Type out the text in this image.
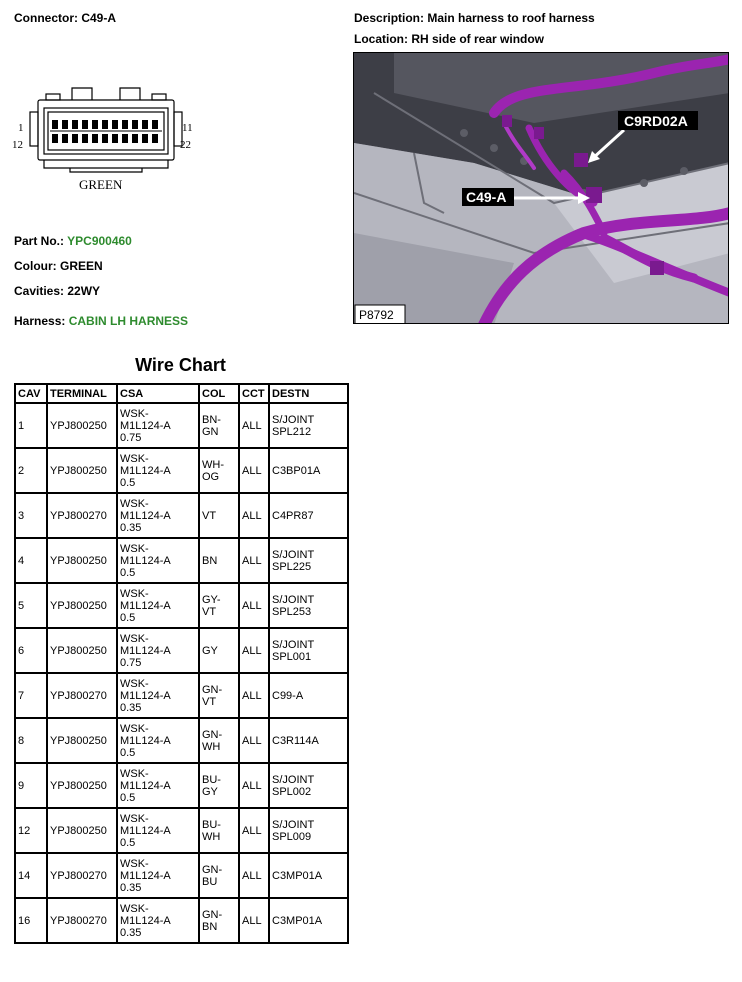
Connector: C49-A	Description: Main harness to roof harness
Location: RH side of rear window
1
12
11
22
GREEN
Part No.: YPC900460
Colour: GREEN
Cavities: 22WY
Harness: CABIN LH HARNESS
C9RD02A
C49-A
P8792
Wire Chart
CAV	TERMINAL	CSA	COL	CCT	DESTN
1	YPJ800250	WSK-
M1L124-A
0.75	BN-
GN	ALL	S/JOINT
SPL212
2	YPJ800250	WSK-
M1L124-A
0.5	WH-
OG	ALL	C3BP01A
3	YPJ800270	WSK-
M1L124-A
0.35	VT	ALL	C4PR87
4	YPJ800250	WSK-
M1L124-A
0.5	BN	ALL	S/JOINT
SPL225
5	YPJ800250	WSK-
M1L124-A
0.5	GY-
VT	ALL	S/JOINT
SPL253
6	YPJ800250	WSK-
M1L124-A
0.75	GY	ALL	S/JOINT
SPL001
7	YPJ800270	WSK-
M1L124-A
0.35	GN-
VT	ALL	C99-A
8	YPJ800250	WSK-
M1L124-A
0.5	GN-
WH	ALL	C3R114A
9	YPJ800250	WSK-
M1L124-A
0.5	BU-
GY	ALL	S/JOINT
SPL002
12	YPJ800250	WSK-
M1L124-A
0.5	BU-
WH	ALL	S/JOINT
SPL009
14	YPJ800270	WSK-
M1L124-A
0.35	GN-
BU	ALL	C3MP01A
16	YPJ800270	WSK-
M1L124-A
0.35	GN-
BN	ALL	C3MP01A
